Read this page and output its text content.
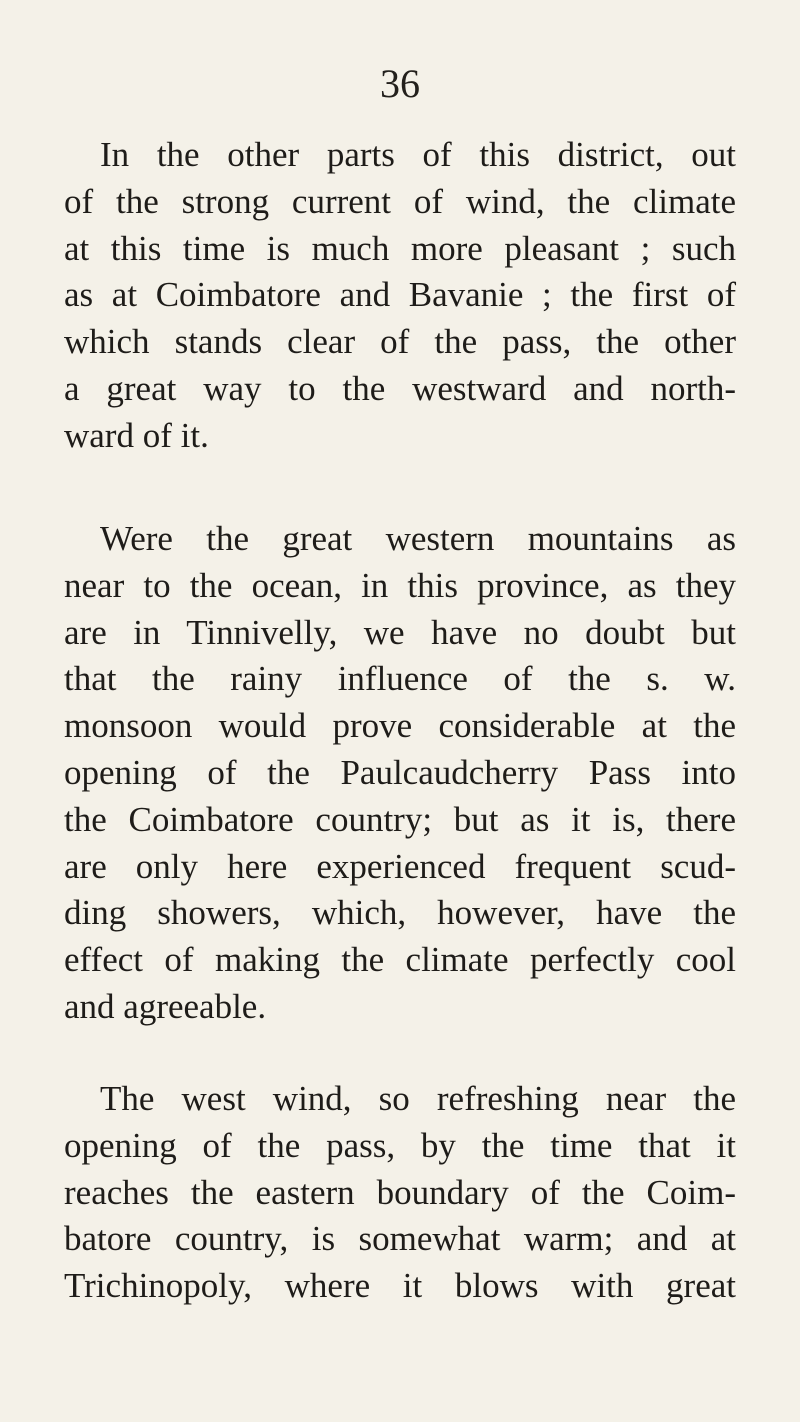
36
In the other parts of this district, out
of the strong current of wind, the climate
at this time is much more pleasant ; such
as at Coimbatore and Bavanie ; the first of
which stands clear of the pass, the other
a great way to the westward and north-
ward of it.
Were the great western mountains as
near to the ocean, in this province, as they
are in Tinnivelly, we have no doubt but
that the rainy influence of the s. w.
monsoon would prove considerable at the
opening of the Paulcaudcherry Pass into
the Coimbatore country; but as it is, there
are only here experienced frequent scud-
ding showers, which, however, have the
effect of making the climate perfectly cool
and agreeable.
The west wind, so refreshing near the
opening of the pass, by the time that it
reaches the eastern boundary of the Coim-
batore country, is somewhat warm; and at
Trichinopoly, where it blows with great
